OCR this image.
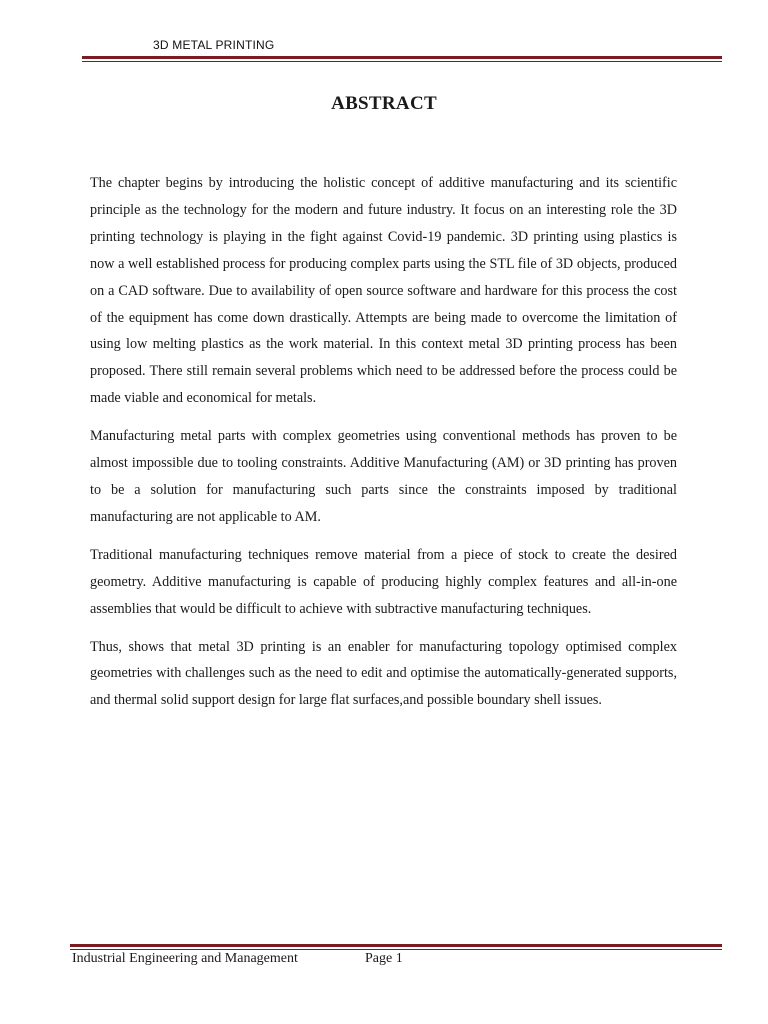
3D METAL PRINTING
ABSTRACT

The chapter begins by introducing the holistic concept of additive manufacturing and its scientific principle as the technology for the modern and future industry. It focus on an interesting role the 3D printing technology is playing in the fight against Covid-19 pandemic. 3D printing using plastics is now a well established process for producing complex parts using the STL file of 3D objects, produced on a CAD software. Due to availability of open source software and hardware for this process the cost of the equipment has come down drastically. Attempts are being made to overcome the limitation of using low melting plastics as the work material. In this context metal 3D printing process has been proposed. There still remain several problems which need to be addressed before the process could be made viable and economical for metals.

Manufacturing metal parts with complex geometries using conventional methods has proven to be almost impossible due to tooling constraints. Additive Manufacturing (AM) or 3D printing has proven to be a solution for manufacturing such parts since the constraints imposed by traditional manufacturing are not applicable to AM.

Traditional manufacturing techniques remove material from a piece of stock to create the desired geometry. Additive manufacturing is capable of producing highly complex features and all-in-one assemblies that would be difficult to achieve with subtractive manufacturing techniques.

Thus, shows that metal 3D printing is an enabler for manufacturing topology optimised complex geometries with challenges such as the need to edit and optimise the automatically-generated supports, and thermal solid support design for large flat surfaces,and possible boundary shell issues.

Industrial Engineering and Management	Page 1
